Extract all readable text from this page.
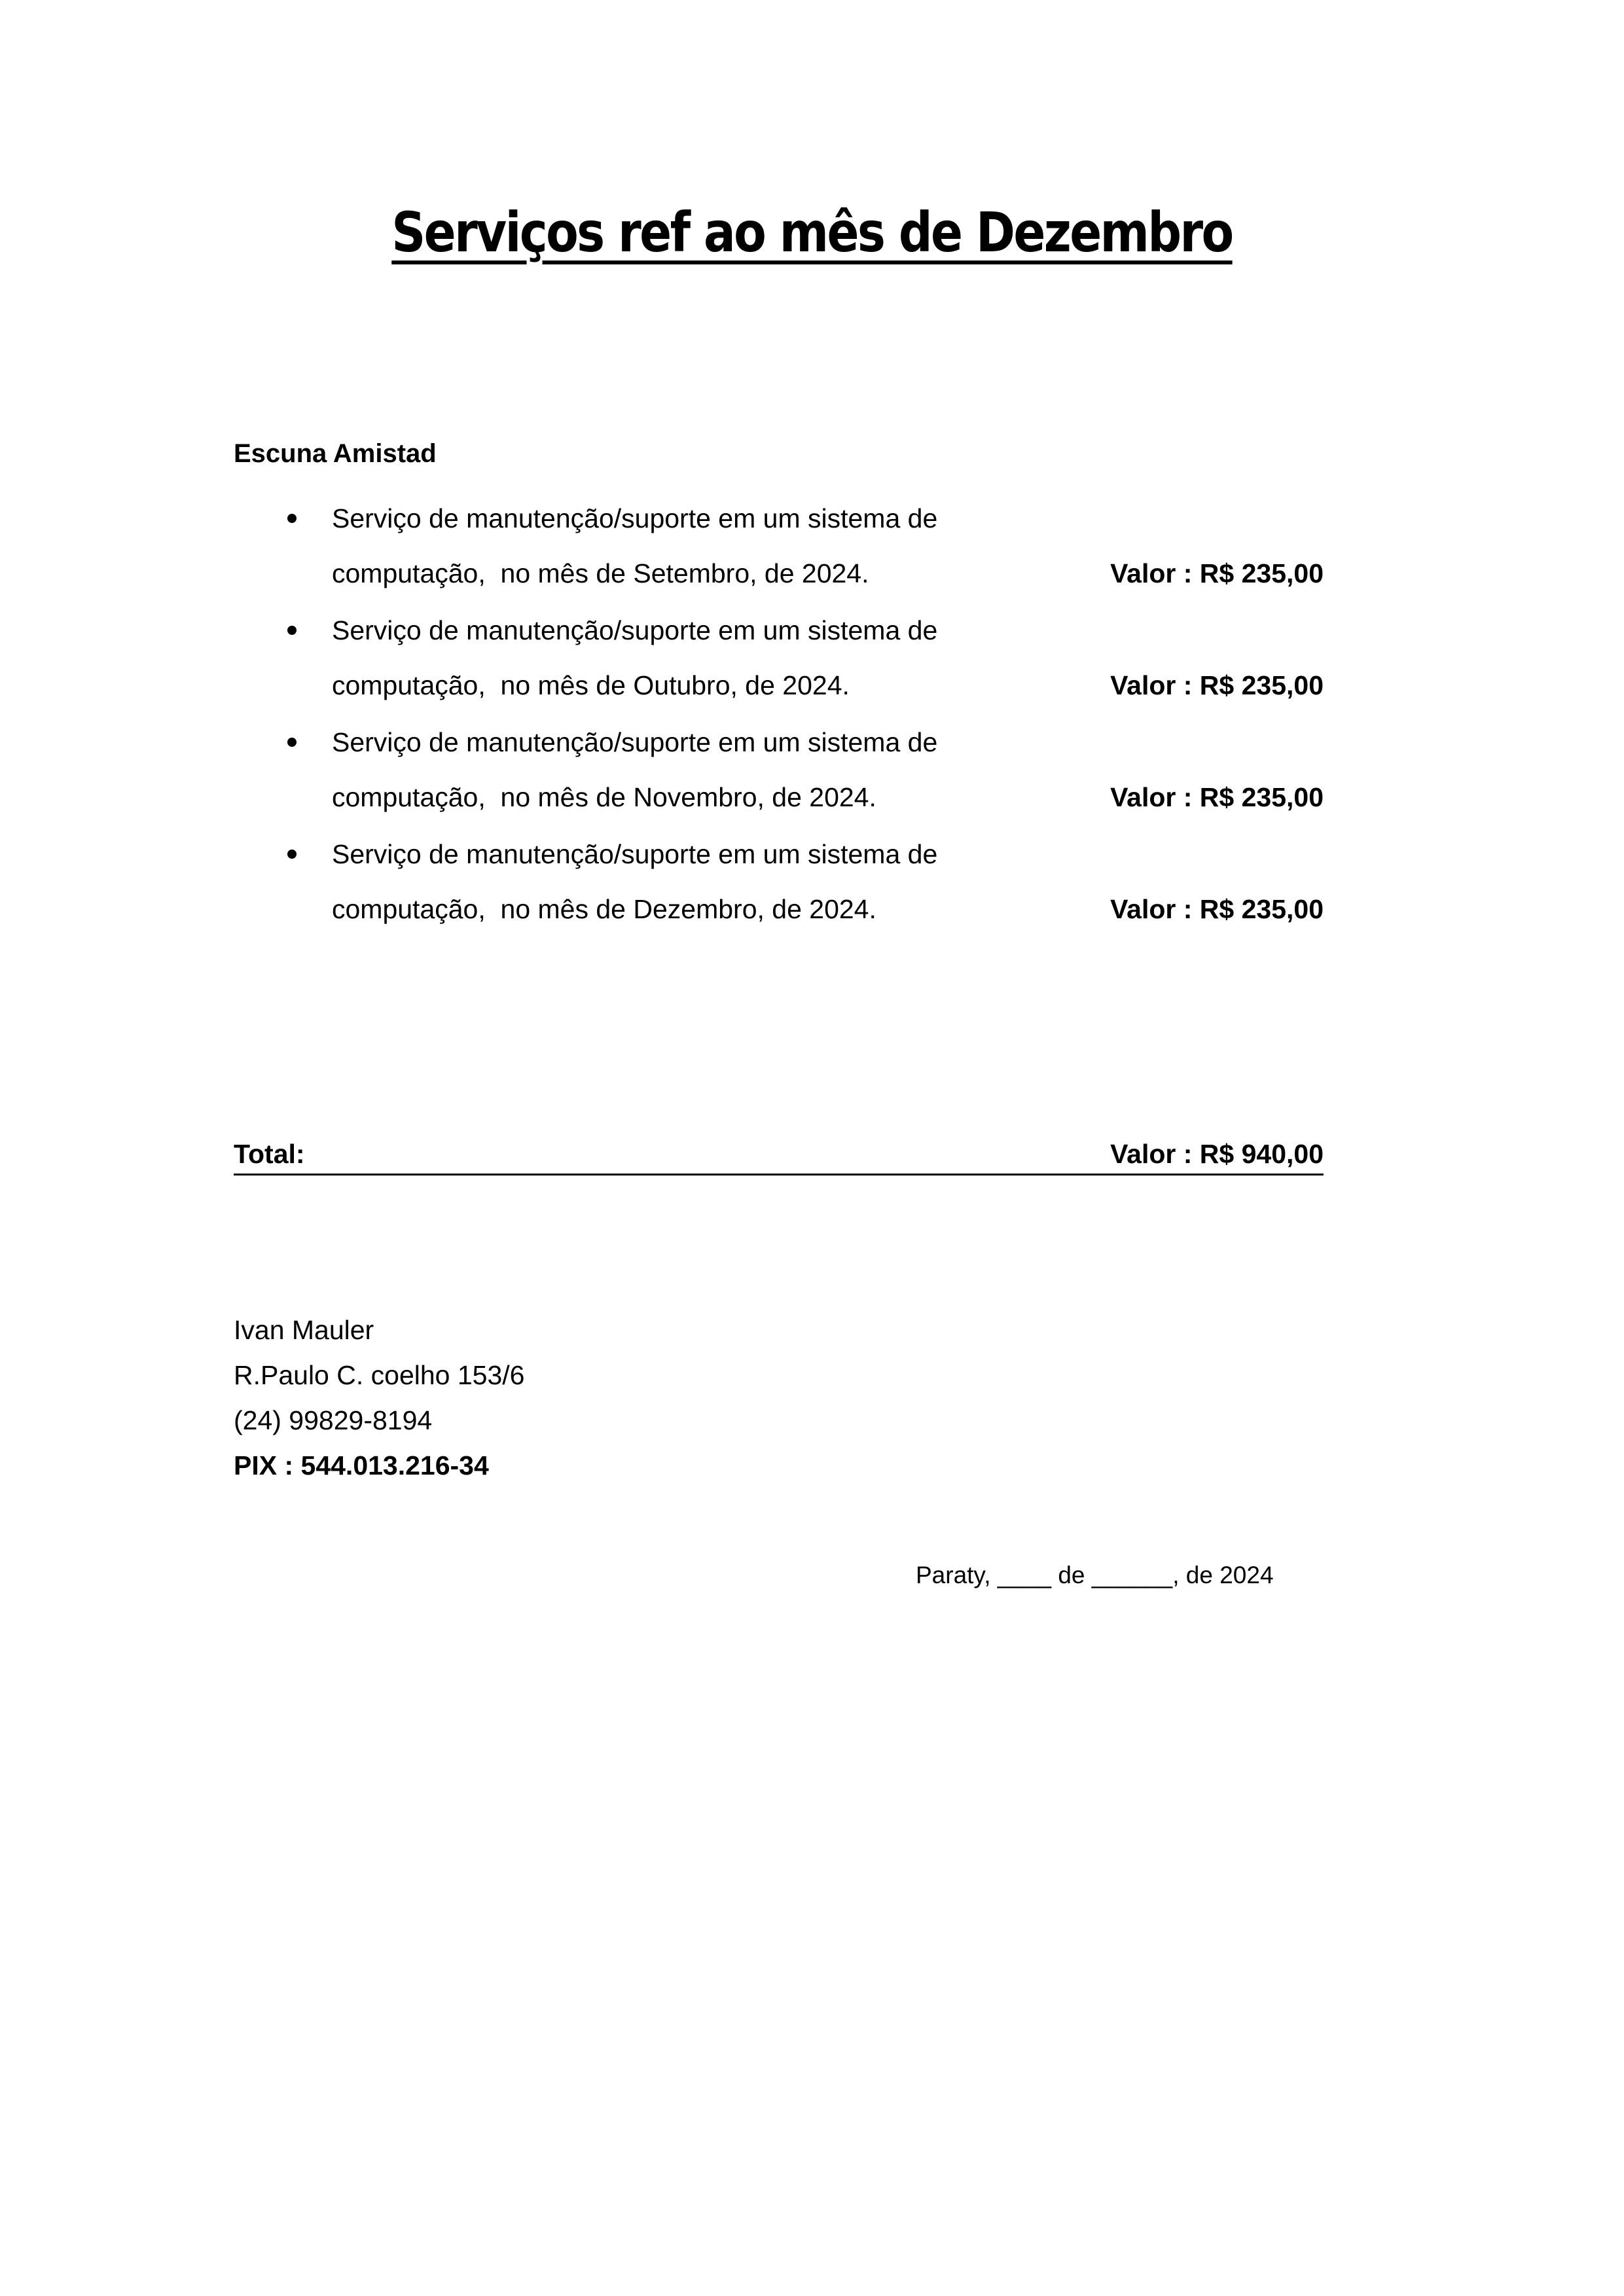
Serviços ref ao mês de Dezembro
Escuna Amistad
Serviço de manutenção/suporte em um sistema de
computação,  no mês de Setembro, de 2024.	Valor : R$ 235,00
Serviço de manutenção/suporte em um sistema de
computação,  no mês de Outubro, de 2024.	Valor : R$ 235,00
Serviço de manutenção/suporte em um sistema de
computação,  no mês de Novembro, de 2024.	Valor : R$ 235,00
Serviço de manutenção/suporte em um sistema de
computação,  no mês de Dezembro, de 2024.	Valor : R$ 235,00
Total:	Valor : R$ 940,00
Ivan Mauler
R.Paulo C. coelho 153/6
(24) 99829-8194
PIX : 544.013.216-34
Paraty, ____ de ______, de 2024
